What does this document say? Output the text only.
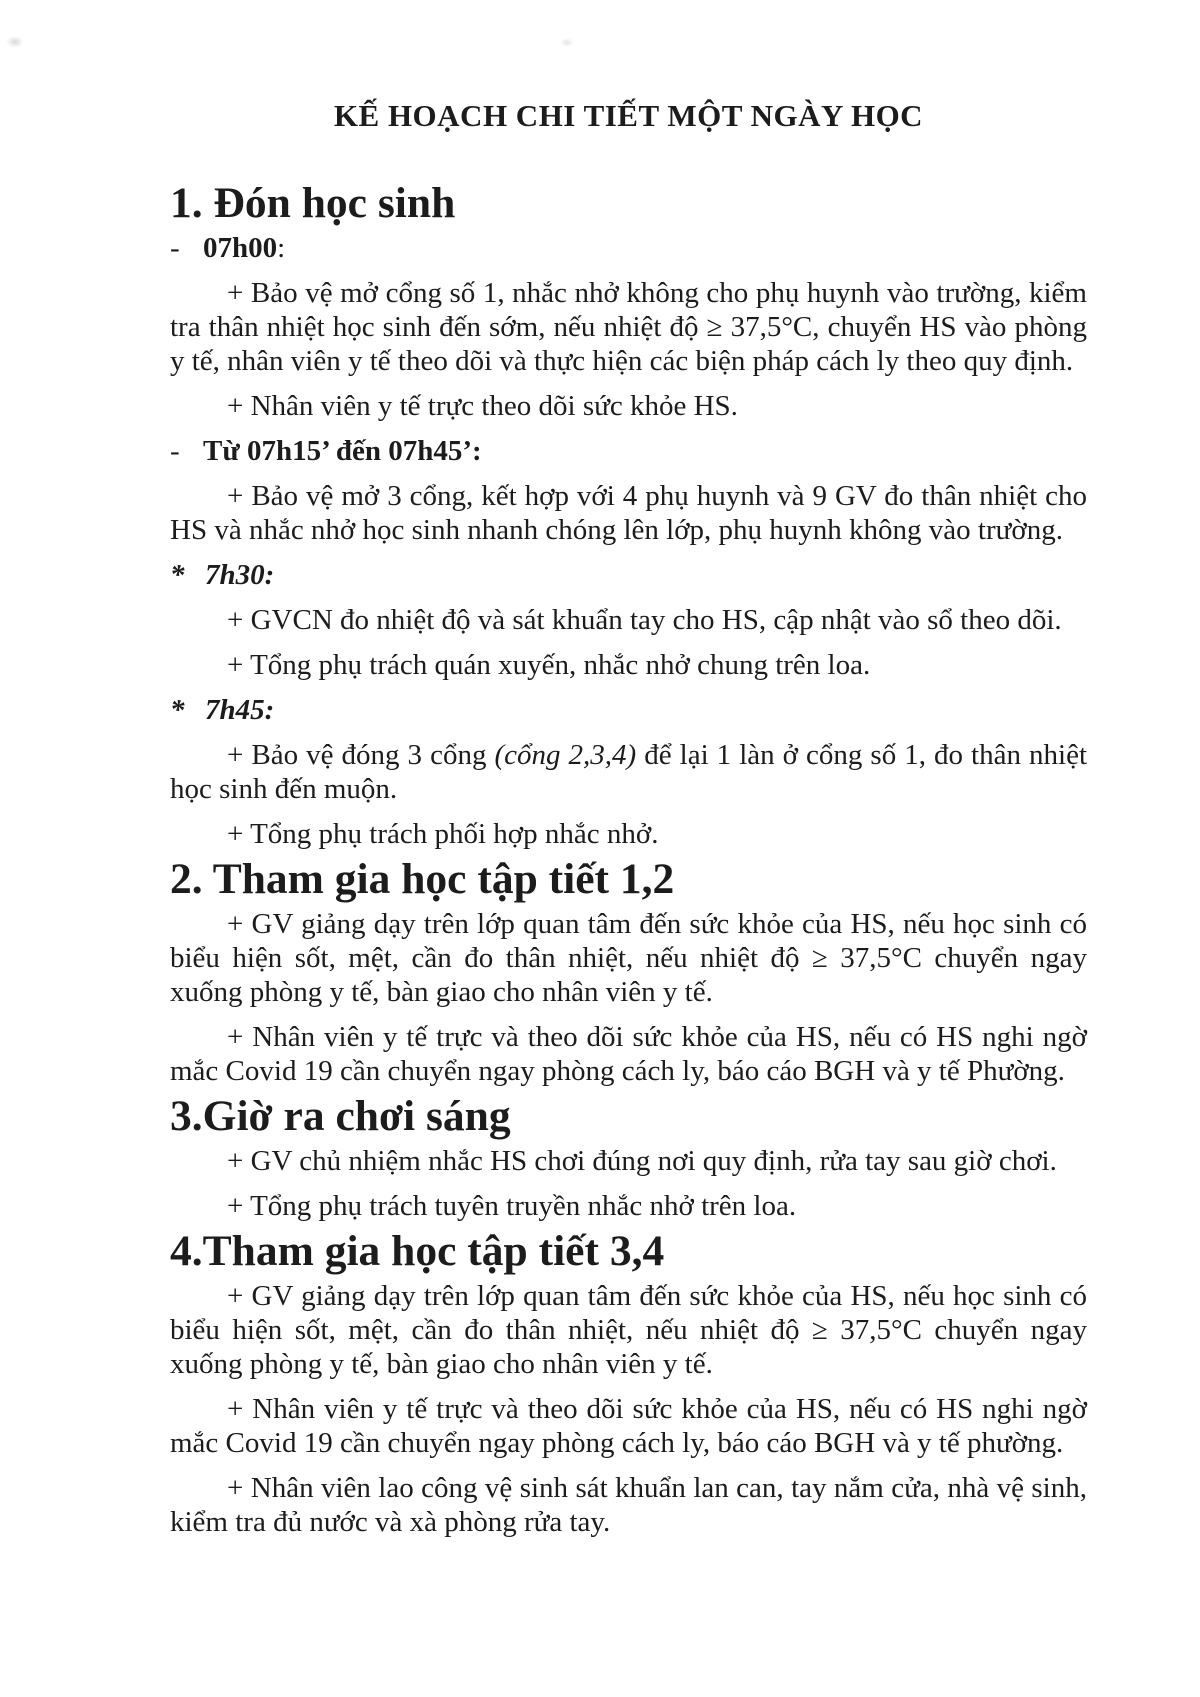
KẾ HOẠCH CHI TIẾT MỘT NGÀY HỌC
1. Đón học sinh
- 07h00:

+ Bảo vệ mở cổng số 1, nhắc nhở không cho phụ huynh vào trường, kiểm tra thân nhiệt học sinh đến sớm, nếu nhiệt độ ≥ 37,5°C, chuyển HS vào phòng y tế, nhân viên y tế theo dõi và thực hiện các biện pháp cách ly theo quy định.

+ Nhân viên y tế trực theo dõi sức khỏe HS.

- Từ 07h15’ đến 07h45’:

+ Bảo vệ mở 3 cổng, kết hợp với 4 phụ huynh và 9 GV đo thân nhiệt cho HS và nhắc nhở học sinh nhanh chóng lên lớp, phụ huynh không vào trường.

* 7h30:

+ GVCN đo nhiệt độ và sát khuẩn tay cho HS, cập nhật vào sổ theo dõi.

+ Tổng phụ trách quán xuyến, nhắc nhở chung trên loa.

* 7h45:

+ Bảo vệ đóng 3 cổng (cổng 2,3,4) để lại 1 làn ở cổng số 1, đo thân nhiệt học sinh đến muộn.

+ Tổng phụ trách phối hợp nhắc nhở.

2. Tham gia học tập tiết 1,2

+ GV giảng dạy trên lớp quan tâm đến sức khỏe của HS, nếu học sinh có biểu hiện sốt, mệt, cần đo thân nhiệt, nếu nhiệt độ ≥ 37,5°C chuyển ngay xuống phòng y tế, bàn giao cho nhân viên y tế.

+ Nhân viên y tế trực và theo dõi sức khỏe của HS, nếu có HS nghi ngờ mắc Covid 19 cần chuyển ngay phòng cách ly, báo cáo BGH và y tế Phường.

3.Giờ ra chơi sáng

+ GV chủ nhiệm nhắc HS chơi đúng nơi quy định, rửa tay sau giờ chơi.

+ Tổng phụ trách tuyên truyền nhắc nhở trên loa.

4.Tham gia học tập tiết 3,4

+ GV giảng dạy trên lớp quan tâm đến sức khỏe của HS, nếu học sinh có biểu hiện sốt, mệt, cần đo thân nhiệt, nếu nhiệt độ ≥ 37,5°C chuyển ngay xuống phòng y tế, bàn giao cho nhân viên y tế.

+ Nhân viên y tế trực và theo dõi sức khỏe của HS, nếu có HS nghi ngờ mắc Covid 19 cần chuyển ngay phòng cách ly, báo cáo BGH và y tế phường.

+ Nhân viên lao công vệ sinh sát khuẩn lan can, tay nắm cửa, nhà vệ sinh, kiểm tra đủ nước và xà phòng rửa tay.
